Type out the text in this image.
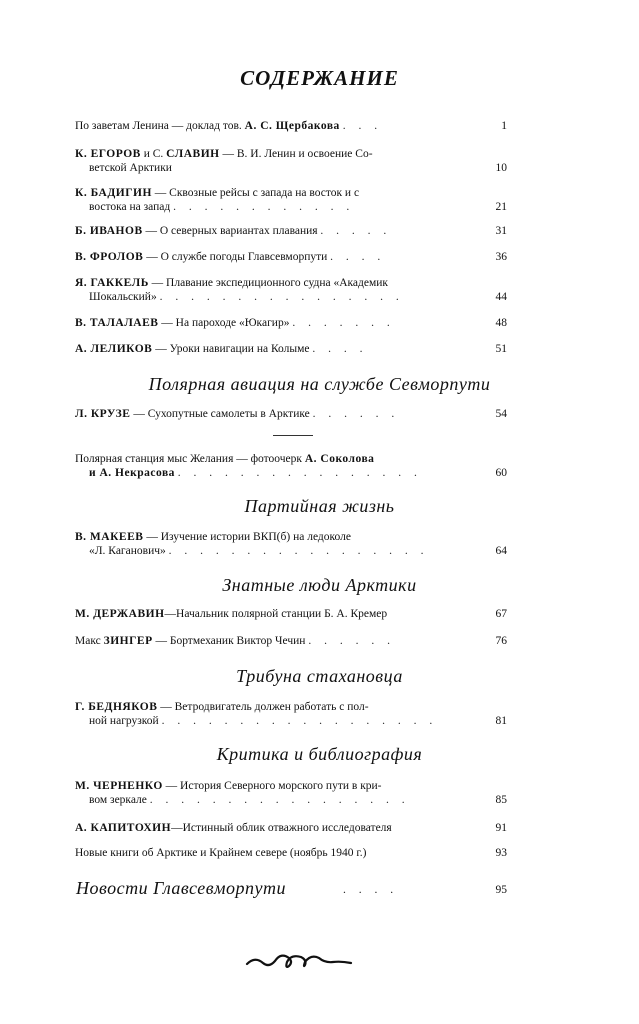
СОДЕРЖАНИЕ
По заветам Ленина — доклад тов. А. С. Щербакова . . .	1
К. ЕГОРОВ и С. СЛАВИН — В. И. Ленин и освоение Со-
ветской Арктики	10
К. БАДИГИН — Сквозные рейсы с запада на восток и с
востока на запад . . . . . . . . . . . .	21
Б. ИВАНОВ — О северных вариантах плавания . . . . .	31
В. ФРОЛОВ — О службе погоды Главсевморпути . . . .	36
Я. ГАККЕЛЬ — Плавание экспедиционного судна «Академик
Шокальский» . . . . . . . . . . . . . . . .	44
В. ТАЛАЛАЕВ — На пароходе «Юкагир» . . . . . . .	48
А. ЛЕЛИКОВ — Уроки навигации на Колыме . . . .	51
Полярная авиация на службе Севморпути
Л. КРУЗЕ — Сухопутные самолеты в Арктике . . . . . .	54
Полярная станция мыс Желания — фотоочерк А. Соколова
и А. Некрасова . . . . . . . . . . . . . . . .	60
Партийная жизнь
В. МАКЕЕВ — Изучение истории ВКП(б) на ледоколе
«Л. Каганович» . . . . . . . . . . . . . . . . .	64
Знатные люди Арктики
М. ДЕРЖАВИН—Начальник полярной станции Б. А. Кремер	67
Макс ЗИНГЕР — Бортмеханик Виктор Чечин . . . . . .	76
Трибуна стахановца
Г. БЕДНЯКОВ — Ветродвигатель должен работать с пол-
ной нагрузкой . . . . . . . . . . . . . . . . . .	81
Критика и библиография
М. ЧЕРНЕНКО — История Северного морского пути в кри-
вом зеркале . . . . . . . . . . . . . . . . .	85
А. КАПИТОХИН—Истинный облик отважного исследователя	91
Новые книги об Арктике и Крайнем севере (ноябрь 1940 г.)	93
Новости Главсевморпути	. . . .	95
